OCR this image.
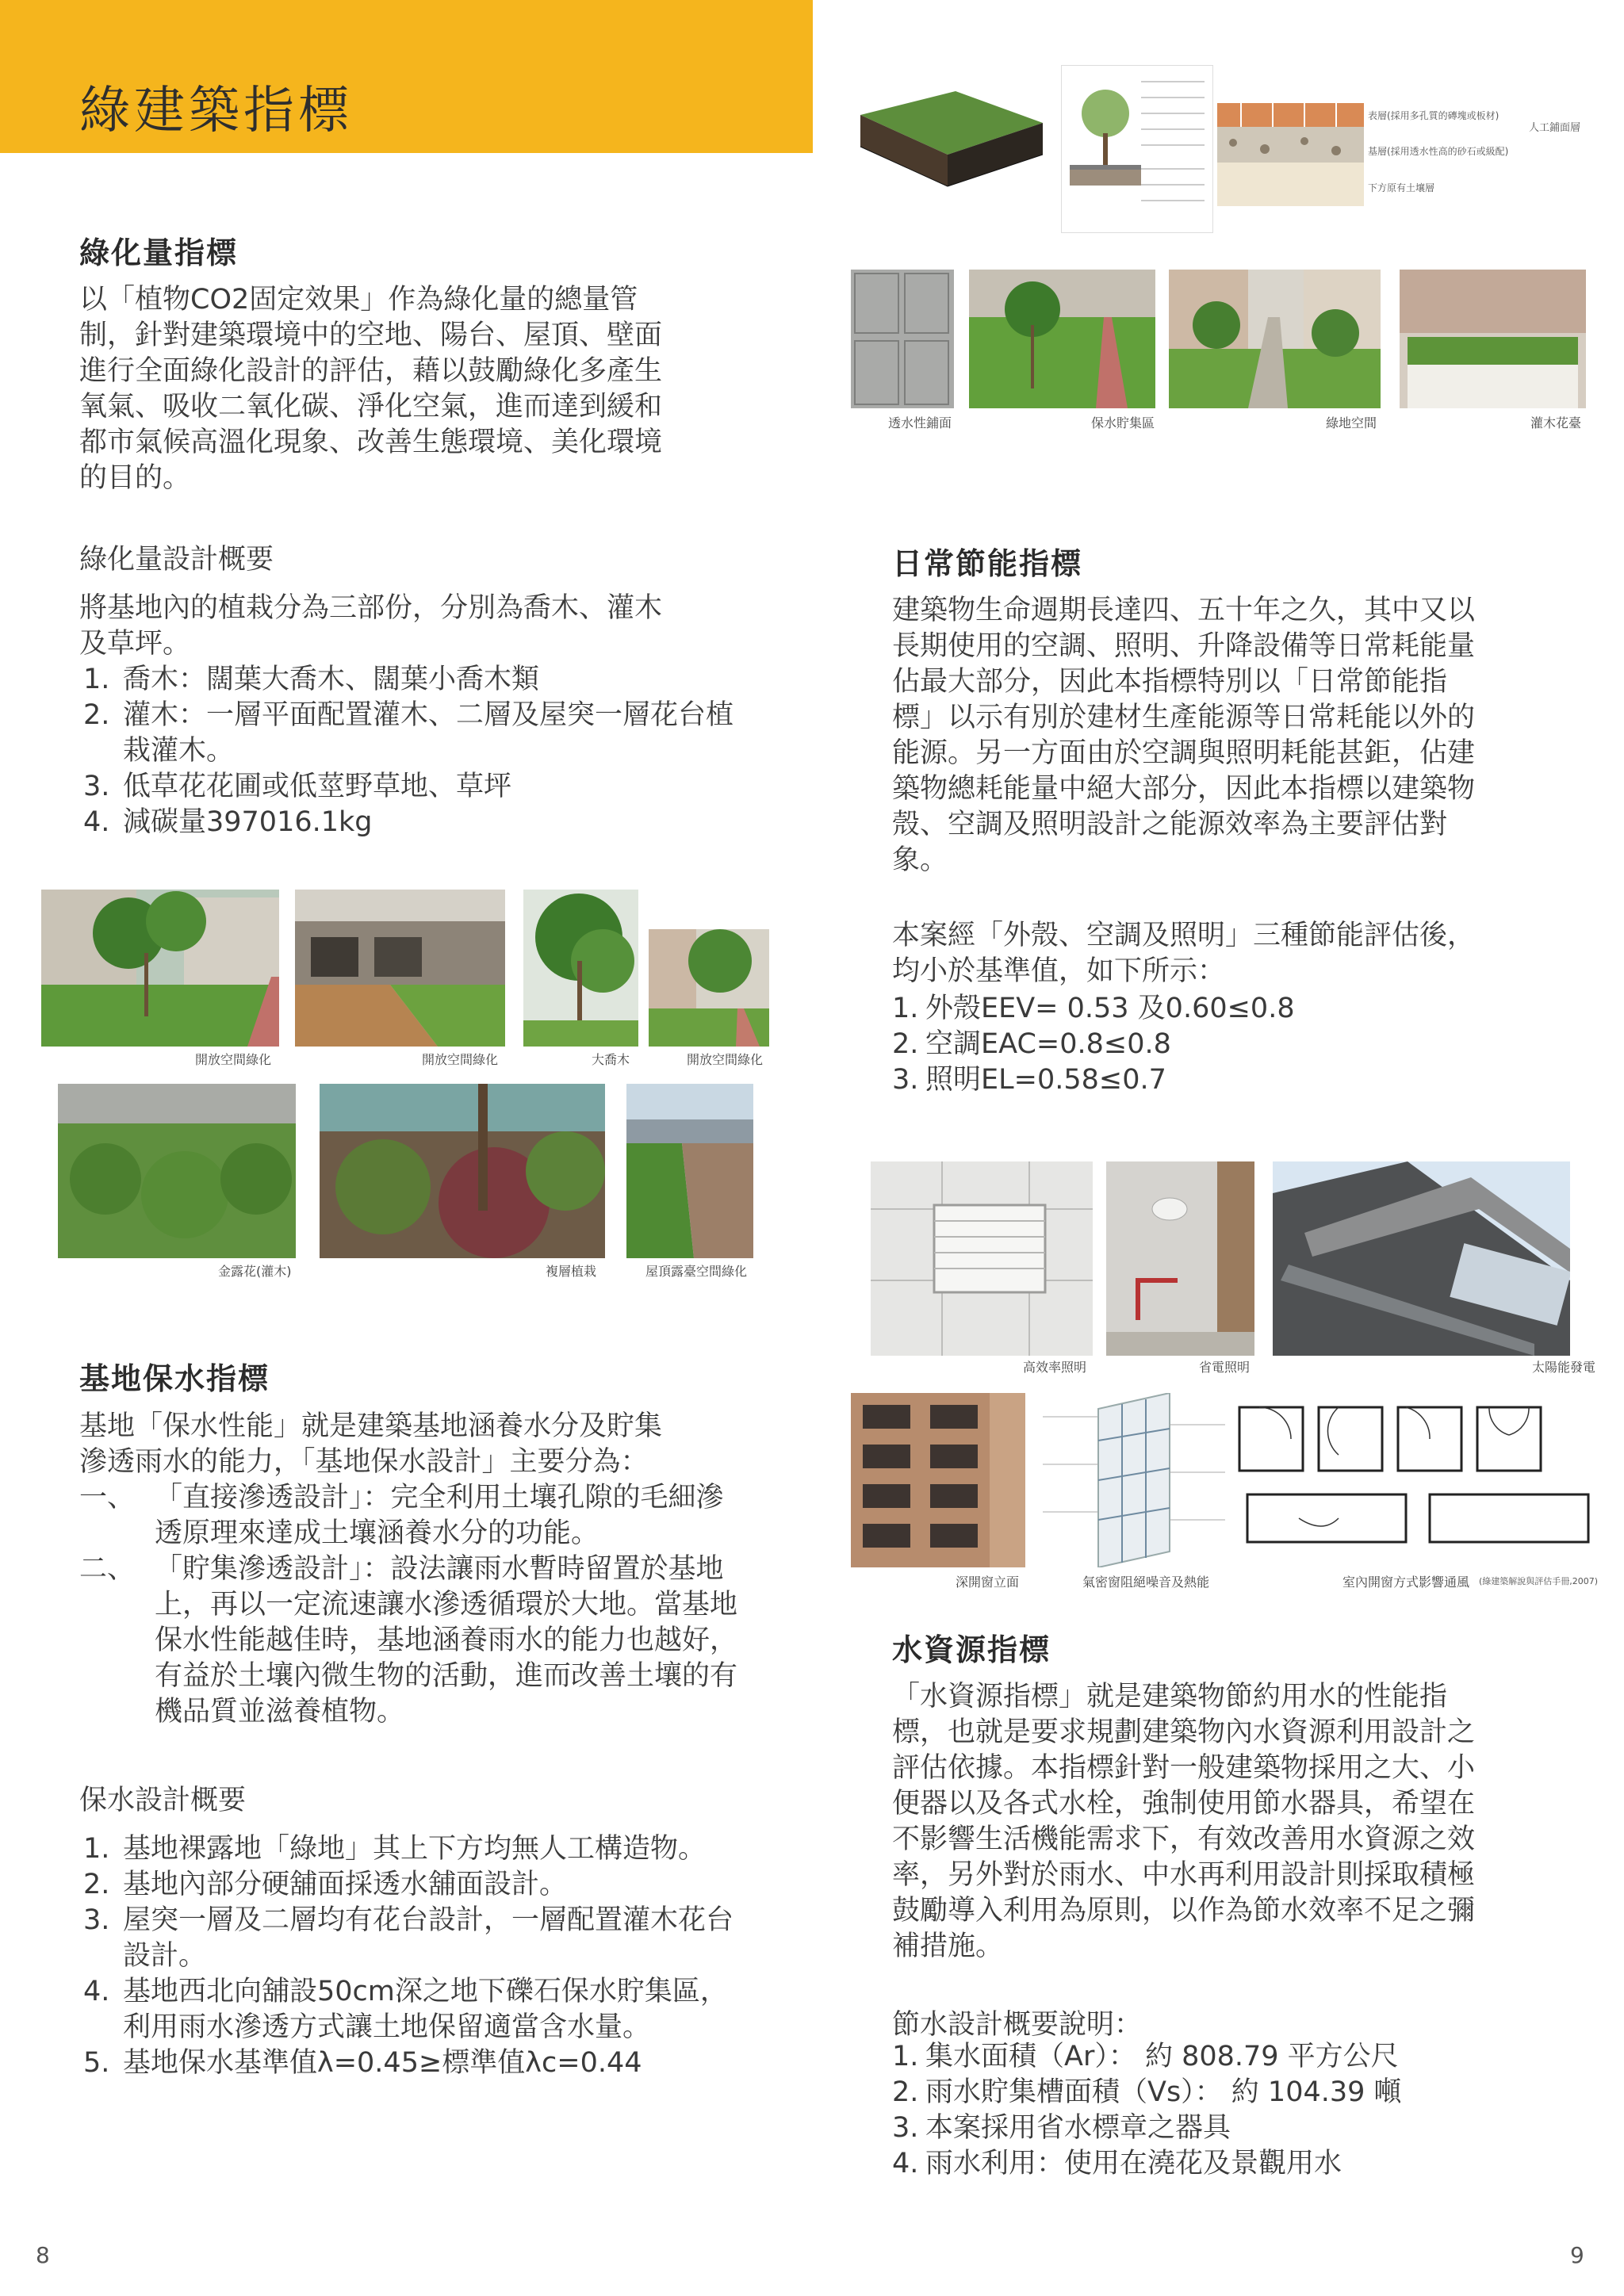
綠建築指標
綠化量指標
以「植物CO2固定效果」作為綠化量的總量管
制，針對建築環境中的空地、陽台、屋頂、壁面
進行全面綠化設計的評估，藉以鼓勵綠化多產生
氧氣、吸收二氧化碳、淨化空氣，進而達到緩和
都市氣候高溫化現象、改善生態環境、美化環境
的目的。
綠化量設計概要
將基地內的植栽分為三部份，分別為喬木、灌木
及草坪。
1. 喬木：闊葉大喬木、闊葉小喬木類
2. 灌木：一層平面配置灌木、二層及屋突一層花台植栽灌木。
3. 低草花花圃或低莖野草地、草坪
4. 減碳量397016.1kg
開放空間綠化	開放空間綠化	大喬木	開放空間綠化
金露花(灌木)	複層植栽	屋頂露臺空間綠化
基地保水指標
基地「保水性能」就是建築基地涵養水分及貯集
滲透雨水的能力，「基地保水設計」主要分為：
一、 「直接滲透設計」：完全利用土壤孔隙的毛細滲透原理來達成土壤涵養水分的功能。
二、 「貯集滲透設計」：設法讓雨水暫時留置於基地上，再以一定流速讓水滲透循環於大地。當基地保水性能越佳時，基地涵養雨水的能力也越好，有益於土壤內微生物的活動，進而改善土壤的有機品質並滋養植物。
保水設計概要
1. 基地裸露地「綠地」其上下方均無人工構造物。
2. 基地內部分硬舖面採透水舖面設計。
3. 屋突一層及二層均有花台設計，一層配置灌木花台設計。
4. 基地西北向舖設50cm深之地下礫石保水貯集區，利用雨水滲透方式讓土地保留適當含水量。
5. 基地保水基準值λ=0.45≥標準值λc=0.44
8
表層(採用多孔質的磚塊或板材)
基層(採用透水性高的砂石或級配)
下方原有土壤層
人工鋪面層
透水性鋪面	保水貯集區	綠地空間	灌木花臺
日常節能指標
建築物生命週期長達四、五十年之久，其中又以
長期使用的空調、照明、升降設備等日常耗能量
佔最大部分，因此本指標特別以「日常節能指
標」以示有別於建材生產能源等日常耗能以外的
能源。另一方面由於空調與照明耗能甚鉅，佔建
築物總耗能量中絕大部分，因此本指標以建築物
殼、空調及照明設計之能源效率為主要評估對
象。
本案經「外殼、空調及照明」三種節能評估後，
均小於基準值，如下所示：
1. 外殼EEV= 0.53 及0.60≤0.8
2. 空調EAC=0.8≤0.8
3. 照明EL=0.58≤0.7
高效率照明	省電照明	太陽能發電
深開窗立面	氣密窗阻絕噪音及熱能	室內開窗方式影響通風 (綠建築解說與評估手冊,2007)
水資源指標
「水資源指標」就是建築物節約用水的性能指
標，也就是要求規劃建築物內水資源利用設計之
評估依據。本指標針對一般建築物採用之大、小
便器以及各式水栓，強制使用節水器具，希望在
不影響生活機能需求下，有效改善用水資源之效
率，另外對於雨水、中水再利用設計則採取積極
鼓勵導入利用為原則，以作為節水效率不足之彌
補措施。
節水設計概要說明：
1. 集水面積（Ar）： 約 808.79 平方公尺
2. 雨水貯集槽面積（Vs）： 約 104.39 噸
3. 本案採用省水標章之器具
4. 雨水利用：使用在澆花及景觀用水
9
